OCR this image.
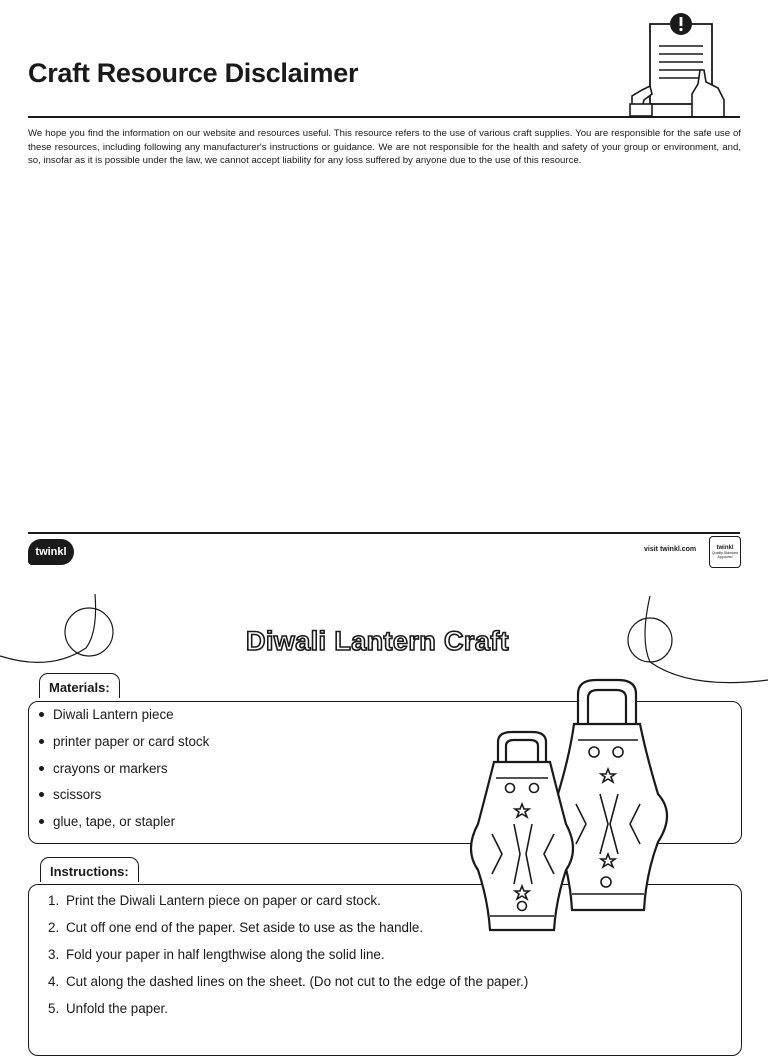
Craft Resource Disclaimer
We hope you find the information on our website and resources useful. This resource refers to the use of various craft supplies. You are responsible for the safe use of these resources, including following any manufacturer's instructions or guidance. We are not responsible for the health and safety of your group or environment, and, so, insofar as it is possible under the law, we cannot accept liability for any loss suffered by anyone due to the use of this resource.
twinkl	visit twinkl.com	twinkl
Quality Standard Approved
Diwali Lantern Craft
Materials:
Diwali Lantern piece
printer paper or card stock
crayons or markers
scissors
glue, tape, or stapler
Instructions:
1. Print the Diwali Lantern piece on paper or card stock.
2. Cut off one end of the paper. Set aside to use as the handle.
3. Fold your paper in half lengthwise along the solid line.
4. Cut along the dashed lines on the sheet. (Do not cut to the edge of the paper.)
5. Unfold the paper.
